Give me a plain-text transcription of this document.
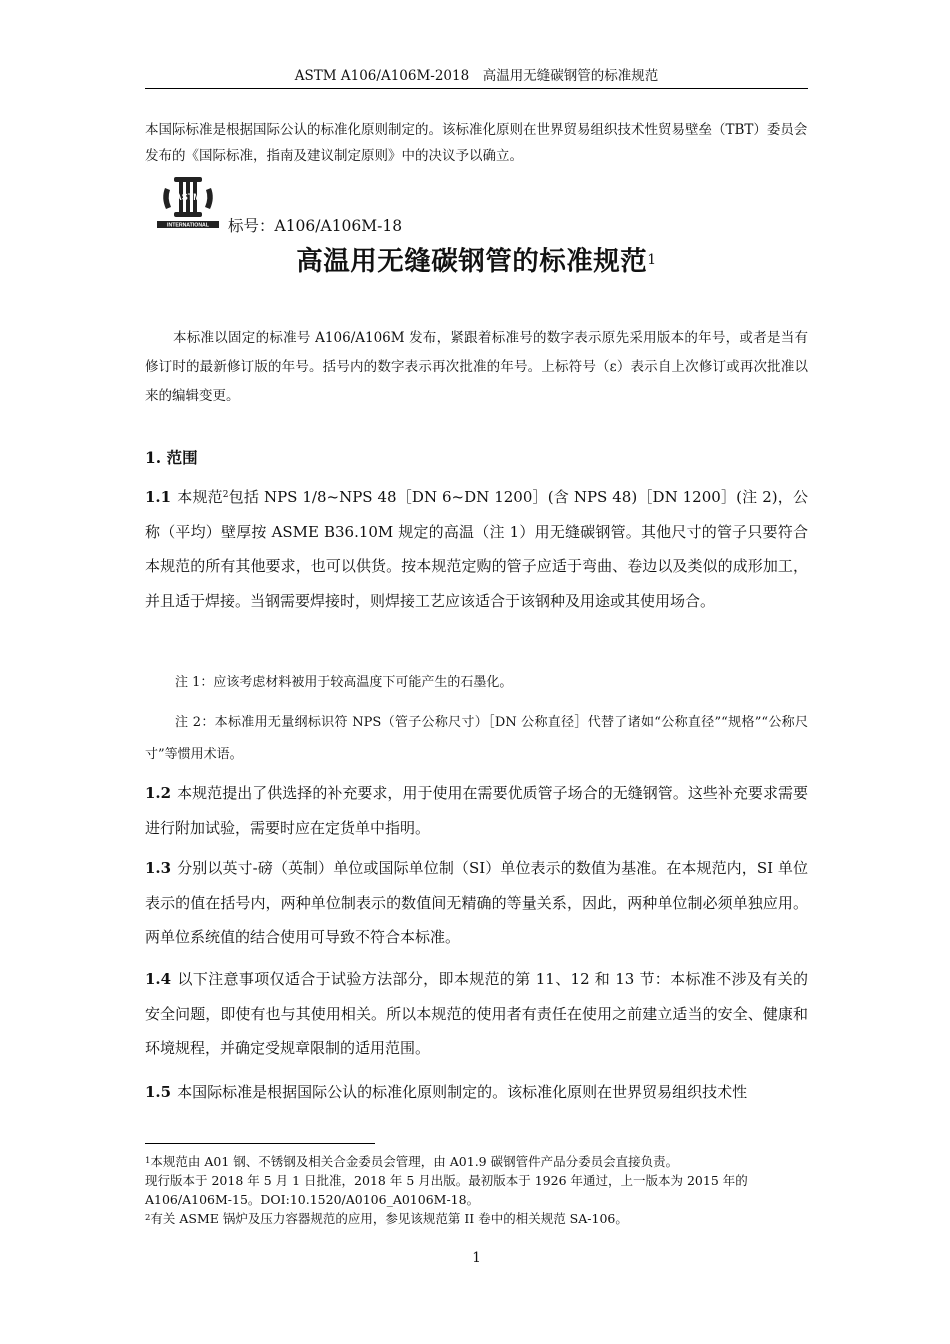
ASTM A106/A106M-2018　高温用无缝碳钢管的标准规范
本国际标准是根据国际公认的标准化原则制定的。该标准化原则在世界贸易组织技术性贸易壁垒（TBT）委员会发布的《国际标准，指南及建议制定原则》中的决议予以确立。
ASTM
INTERNATIONAL 标号：A106/A106M-18
高温用无缝碳钢管的标准规范$^1$
本标准以固定的标准号 A106/A106M 发布，紧跟着标准号的数字表示原先采用版本的年号，或者是当有修订时的最新修订版的年号。括号内的数字表示再次批准的年号。上标符号（ε）表示自上次修订或再次批准以来的编辑变更。
1. 范围
1.1 本规范$^2$包括 NPS 1/8~NPS 48［DN 6~DN 1200］(含 NPS 48)［DN 1200］(注 2)，公称（平均）壁厚按 ASME B36.10M 规定的高温（注 1）用无缝碳钢管。其他尺寸的管子只要符合本规范的所有其他要求，也可以供货。按本规范定购的管子应适于弯曲、卷边以及类似的成形加工，并且适于焊接。当钢需要焊接时，则焊接工艺应该适合于该钢种及用途或其使用场合。
注 1：应该考虑材料被用于较高温度下可能产生的石墨化。
注 2：本标准用无量纲标识符 NPS（管子公称尺寸）［DN 公称直径］代替了诸如“公称直径”“规格”“公称尺寸”等惯用术语。
1.2 本规范提出了供选择的补充要求，用于使用在需要优质管子场合的无缝钢管。这些补充要求需要进行附加试验，需要时应在定货单中指明。
1.3 分别以英寸-磅（英制）单位或国际单位制（SI）单位表示的数值为基准。在本规范内，SI 单位表示的值在括号内，两种单位制表示的数值间无精确的等量关系，因此，两种单位制必须单独应用。两单位系统值的结合使用可导致不符合本标准。
1.4 以下注意事项仅适合于试验方法部分，即本规范的第 11、12 和 13 节：本标准不涉及有关的安全问题，即使有也与其使用相关。所以本规范的使用者有责任在使用之前建立适当的安全、健康和环境规程，并确定受规章限制的适用范围。
1.5 本国际标准是根据国际公认的标准化原则制定的。该标准化原则在世界贸易组织技术性

$^1$本规范由 A01 钢、不锈钢及相关合金委员会管理，由 A01.9 碳钢管件产品分委员会直接负责。

现行版本于 2018 年 5 月 1 日批准，2018 年 5 月出版。最初版本于 1926 年通过，上一版本为 2015 年的

A106/A106M-15。DOI:10.1520/A0106_A0106M-18。

$^2$有关 ASME 锅炉及压力容器规范的应用，参见该规范第 II 卷中的相关规范 SA-106。

1
